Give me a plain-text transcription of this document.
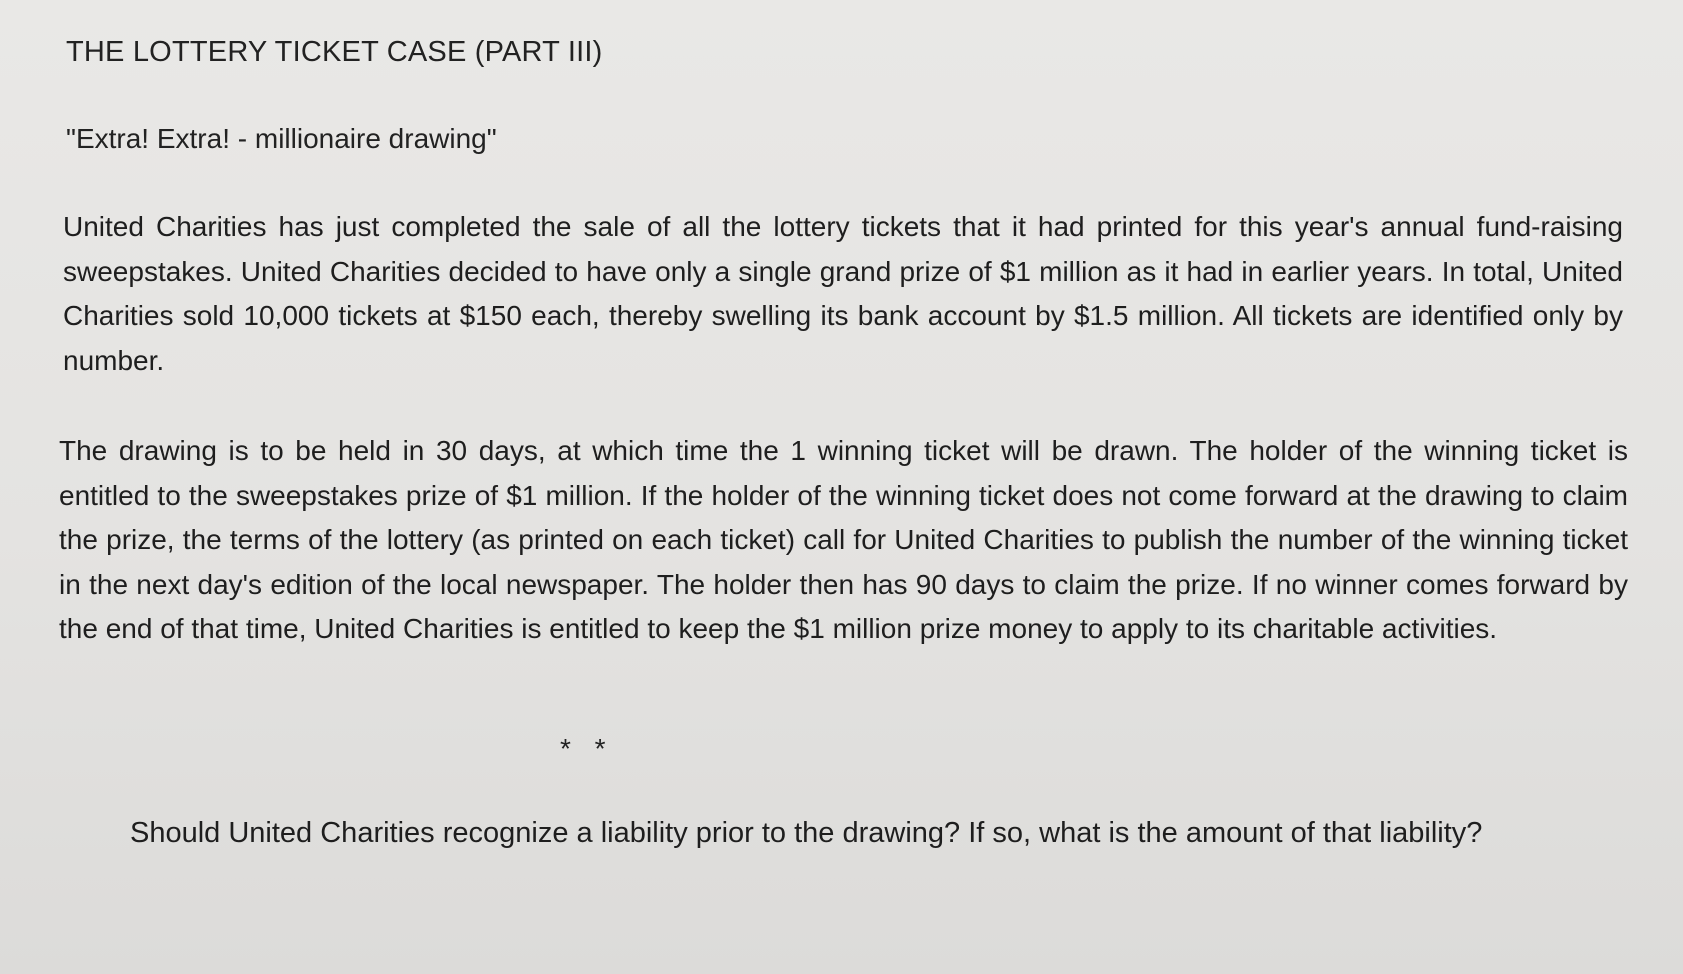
THE LOTTERY TICKET CASE (PART III)
"Extra! Extra! - millionaire drawing"
United Charities has just completed the sale of all the lottery tickets that it had printed for this year's annual fund-raising sweepstakes. United Charities decided to have only a single grand prize of $1 million as it had in earlier years. In total, United Charities sold 10,000 tickets at $150 each, thereby swelling its bank account by $1.5 million. All tickets are identified only by number.
The drawing is to be held in 30 days, at which time the 1 winning ticket will be drawn. The holder of the winning ticket is entitled to the sweepstakes prize of $1 million. If the holder of the winning ticket does not come forward at the drawing to claim the prize, the terms of the lottery (as printed on each ticket) call for United Charities to publish the number of the winning ticket in the next day's edition of the local newspaper. The holder then has 90 days to claim the prize. If no winner comes forward by the end of that time, United Charities is entitled to keep the $1 million prize money to apply to its charitable activities.
* *
Should United Charities recognize a liability prior to the drawing? If so, what is the amount of that liability?
